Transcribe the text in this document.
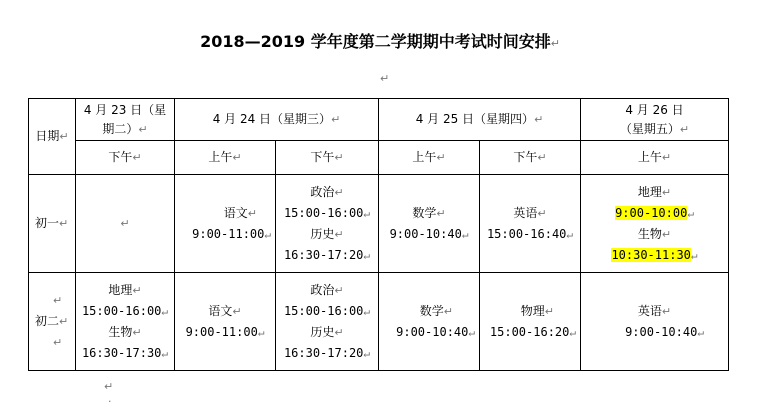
2018—2019 学年度第二学期期中考试时间安排↵
↵
日期↵	4 月 23 日（星
期二）↵	4 月 24 日（星期三）↵		4 月 25 日（星期四）↵		4 月 26 日
（星期五）↵

	下午↵	上午↵	下午↵	上午↵	下午↵	上午↵
初一↵	↵	语文↵
9:00-11:00↵	政治↵
15:00-16:00↵
历史↵
16:30-17:20↵	数学↵
9:00-10:40↵	英语↵
15:00-16:40↵	地理↵
9:00-10:00↵
生物↵
10:30-11:30↵

↵
初二↵
↵	地理↵
15:00-16:00↵
生物↵
16:30-17:30↵	语文↵
9:00-11:00↵	政治↵
15:00-16:00↵
历史↵
16:30-17:20↵	数学↵
9:00-10:40↵	物理↵
15:00-16:20↵	英语↵
9:00-10:40↵
↵
·
